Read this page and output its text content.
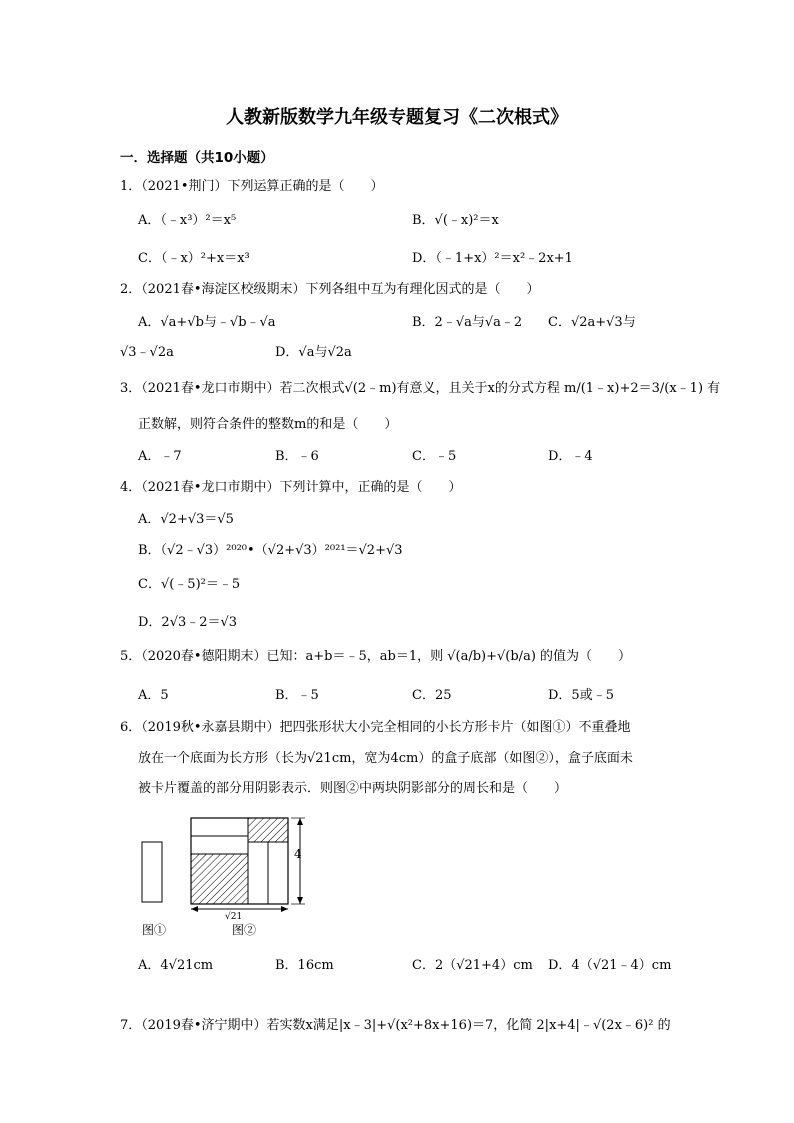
人教新版数学九年级专题复习《二次根式》
一．选择题（共10小题）
1．（2021•荆门）下列运算正确的是（　　）
A．（﹣x³）²＝x⁵	B．√(﹣x)²＝x
C．（﹣x）²+x＝x³	D．（﹣1+x）²＝x²﹣2x+1
2．（2021春•海淀区校级期末）下列各组中互为有理化因式的是（　　）
A．√a+√b与﹣√b﹣√a	B．2﹣√a与√a﹣2 C．√2a+√3与
√3﹣√2a	D．√a与√2a
3．（2021春•龙口市期中）若二次根式√(2﹣m)有意义，且关于x的分式方程 m/(1﹣x)+2＝3/(x﹣1) 有
正数解，则符合条件的整数m的和是（　　）
A．﹣7	B．﹣6	C．﹣5	D．﹣4
4．（2021春•龙口市期中）下列计算中，正确的是（　　）
A．√2+√3＝√5
B．（√2﹣√3）²⁰²⁰•（√2+√3）²⁰²¹＝√2+√3
C．√(﹣5)²＝﹣5
D．2√3﹣2＝√3
5．（2020春•德阳期末）已知：a+b＝﹣5，ab＝1，则 √(a/b)+√(b/a) 的值为（　　）
A．5	B．﹣5	C．25	D．5或﹣5
6．（2019秋•永嘉县期中）把四张形状大小完全相同的小长方形卡片（如图①）不重叠地
放在一个底面为长方形（长为√21cm，宽为4cm）的盒子底部（如图②），盒子底面未
被卡片覆盖的部分用阴影表示．则图②中两块阴影部分的周长和是（　　）
4
√21
图①	图②
A．4√21cm	B．16cm	C．2（√21+4）cm D．4（√21﹣4）cm
7．（2019春•济宁期中）若实数x满足|x﹣3|+√(x²+8x+16)＝7，化简 2|x+4|﹣√(2x﹣6)² 的
